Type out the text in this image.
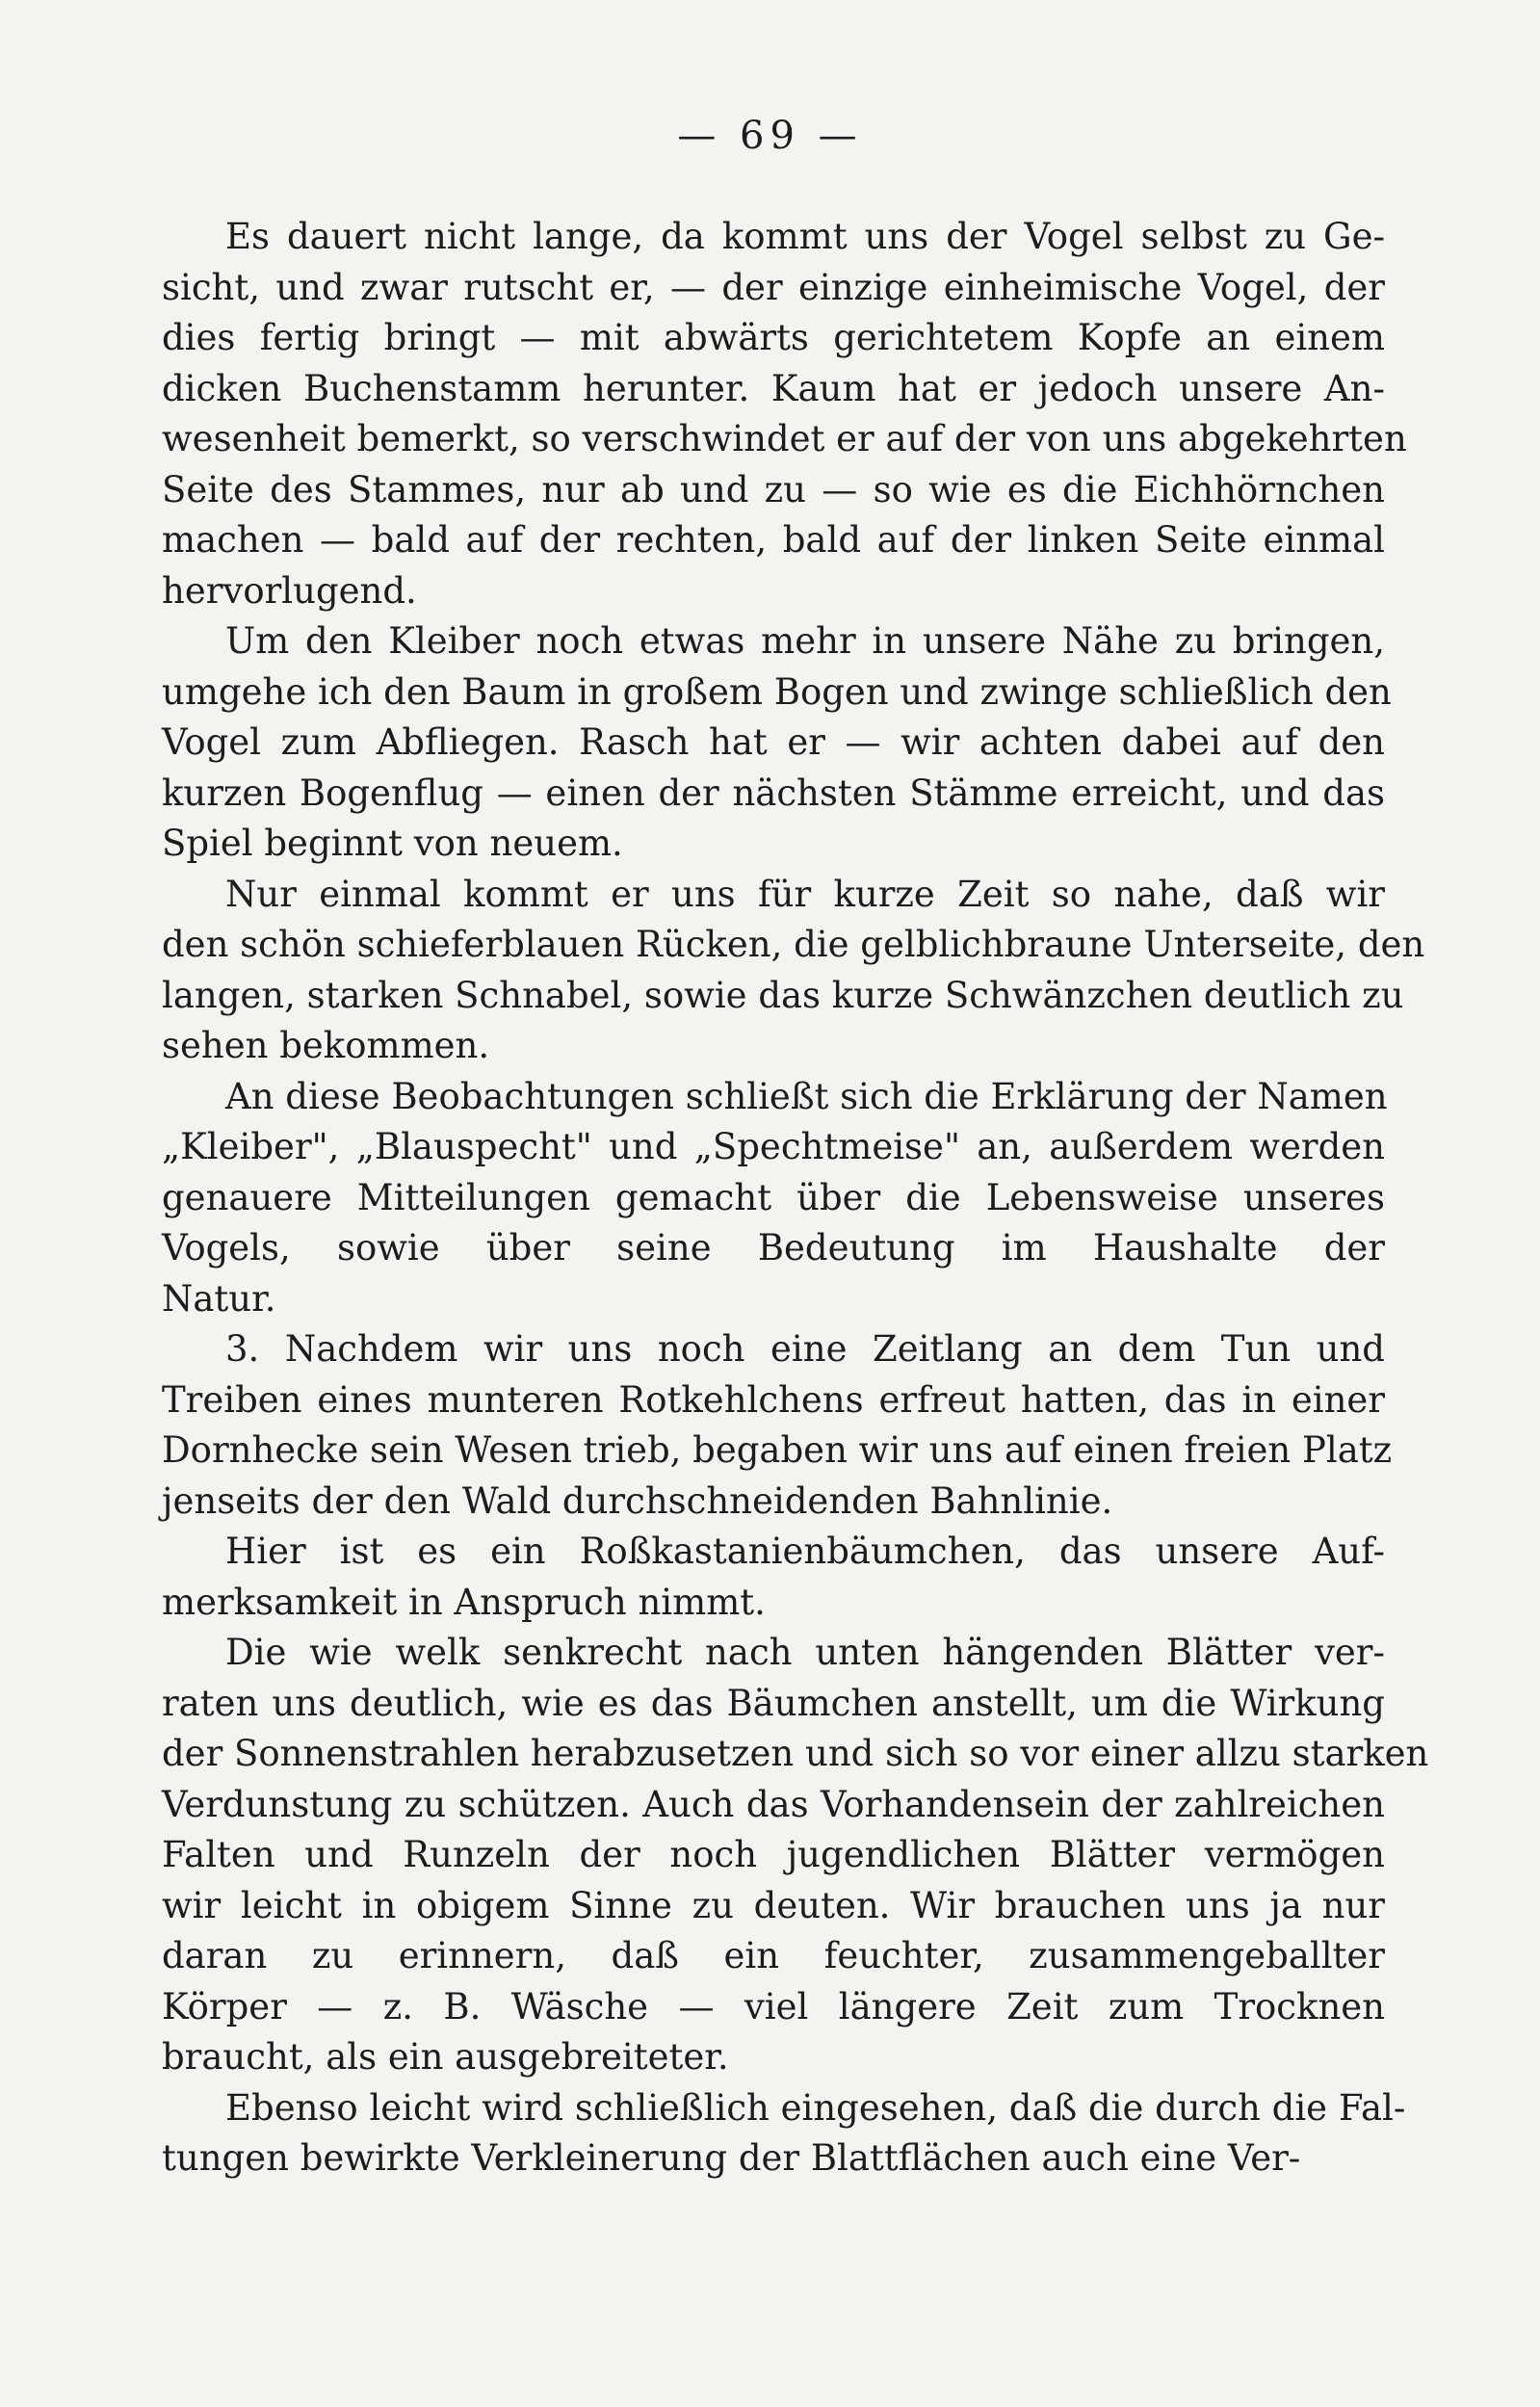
— 69 —
Es dauert nicht lange, da kommt uns der Vogel selbst zu Ge-
sicht, und zwar rutscht er, — der einzige einheimische Vogel, der
dies fertig bringt — mit abwärts gerichtetem Kopfe an einem
dicken Buchenstamm herunter. Kaum hat er jedoch unsere An-
wesenheit bemerkt, so verschwindet er auf der von uns abgekehrten
Seite des Stammes, nur ab und zu — so wie es die Eichhörnchen
machen — bald auf der rechten, bald auf der linken Seite einmal
hervorlugend.
Um den Kleiber noch etwas mehr in unsere Nähe zu bringen,
umgehe ich den Baum in großem Bogen und zwinge schließlich den
Vogel zum Abfliegen. Rasch hat er — wir achten dabei auf den
kurzen Bogenflug — einen der nächsten Stämme erreicht, und das
Spiel beginnt von neuem.
Nur einmal kommt er uns für kurze Zeit so nahe, daß wir
den schön schieferblauen Rücken, die gelblichbraune Unterseite, den
langen, starken Schnabel, sowie das kurze Schwänzchen deutlich zu
sehen bekommen.
An diese Beobachtungen schließt sich die Erklärung der Namen
„Kleiber", „Blauspecht" und „Spechtmeise" an, außerdem werden
genauere Mitteilungen gemacht über die Lebensweise unseres
Vogels, sowie über seine Bedeutung im Haushalte der
Natur.
3. Nachdem wir uns noch eine Zeitlang an dem Tun und
Treiben eines munteren Rotkehlchens erfreut hatten, das in einer
Dornhecke sein Wesen trieb, begaben wir uns auf einen freien Platz
jenseits der den Wald durchschneidenden Bahnlinie.
Hier ist es ein Roßkastanienbäumchen, das unsere Auf-
merksamkeit in Anspruch nimmt.
Die wie welk senkrecht nach unten hängenden Blätter ver-
raten uns deutlich, wie es das Bäumchen anstellt, um die Wirkung
der Sonnenstrahlen herabzusetzen und sich so vor einer allzu starken
Verdunstung zu schützen. Auch das Vorhandensein der zahlreichen
Falten und Runzeln der noch jugendlichen Blätter vermögen
wir leicht in obigem Sinne zu deuten. Wir brauchen uns ja nur
daran zu erinnern, daß ein feuchter, zusammengeballter
Körper — z. B. Wäsche — viel längere Zeit zum Trocknen
braucht, als ein ausgebreiteter.
Ebenso leicht wird schließlich eingesehen, daß die durch die Fal-
tungen bewirkte Verkleinerung der Blattflächen auch eine Ver-
